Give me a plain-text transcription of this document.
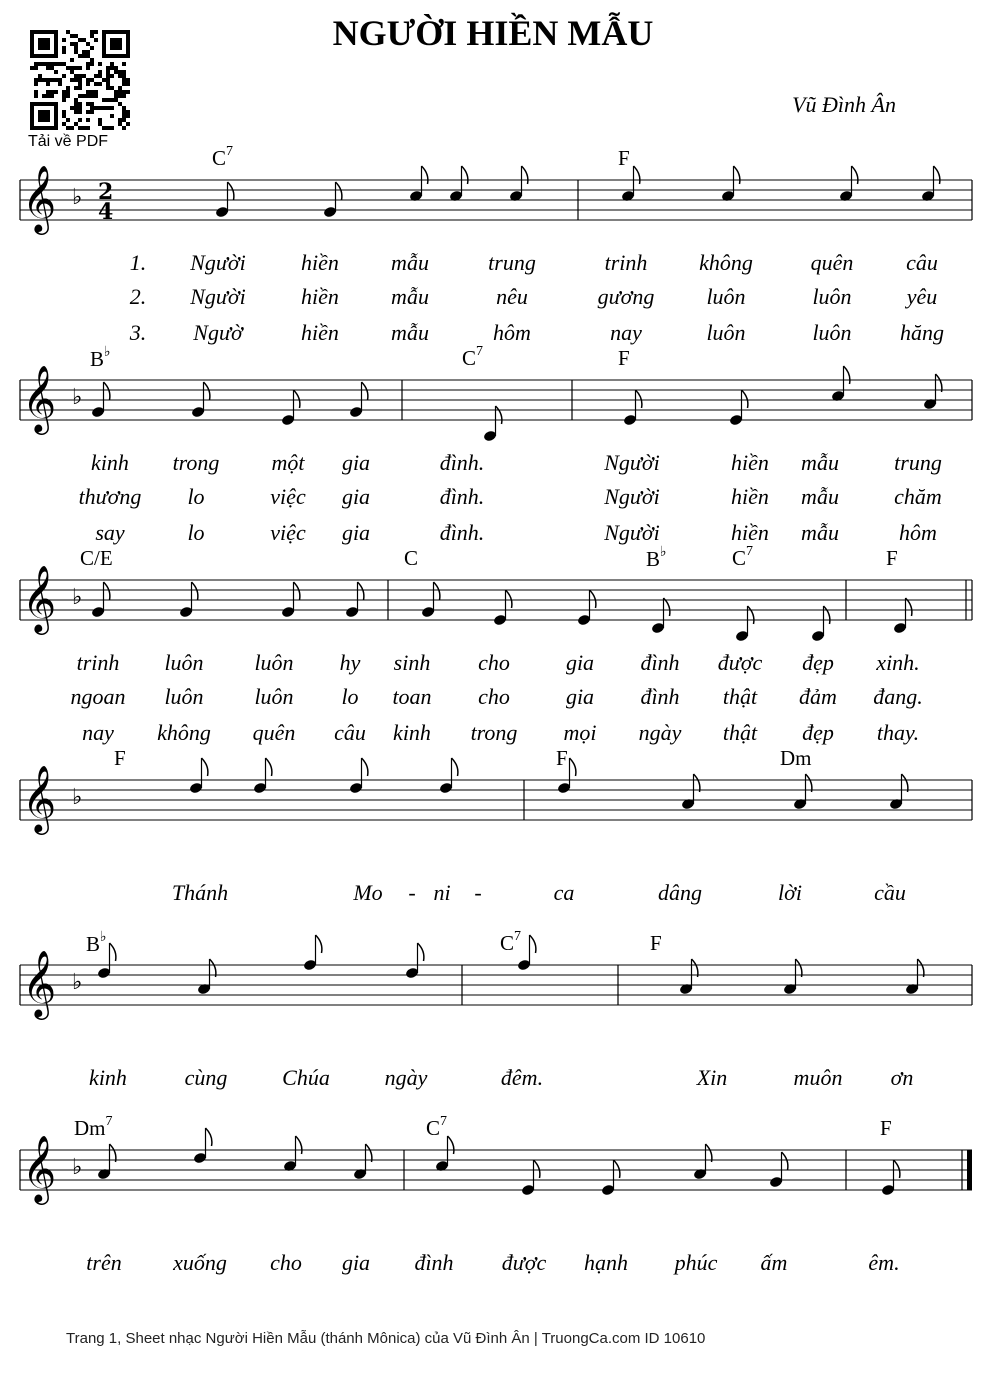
NGƯỜI HIỀN MẪU
Vũ Đình Ân
Tải về PDF
𝄞 ♭ 2
4
$C^7$	F
1. Người	hiền mẫu	trung	trinh không	quên câu
2. Người	hiền mẫu	nêu	gương luôn	luôn	yêu
3. Ngườ	hiền mẫu	hôm	nay	luôn	luôn hăng
𝄞 ♭
B♭	$C^7$	F
kinh trong một gia	đình.	Người	hiền mẫu	trung
thương lo	việc gia	đình.	Người	hiền mẫu	chăm
say	lo	việc gia	đình.	Người	hiền mẫu	hôm
𝄞 ♭
C/E	C	B♭	$C^7$	F
trinh luôn luôn hy sinh cho	gia đình được đẹp xinh.
ngoan luôn luôn lo toan cho	gia đình thật đảm đang.
nay không quên câu kinh trong mọi ngày thật đẹp thay.
𝄞 ♭
F	F	Dm
Thánh	Mo - ni -	ca	dâng	lời	cầu
𝄞 ♭
B♭	$C^7$	F
kinh	cùng Chúa ngày	đêm.	Xin	muôn ơn
𝄞 ♭
Dm$^7$	$C^7$	F
trên xuống cho gia đình được hạnh phúc ấm	êm.
Trang 1, Sheet nhạc Người Hiền Mẫu (thánh Mônica) của Vũ Đình Ân | TruongCa.com ID 10610
